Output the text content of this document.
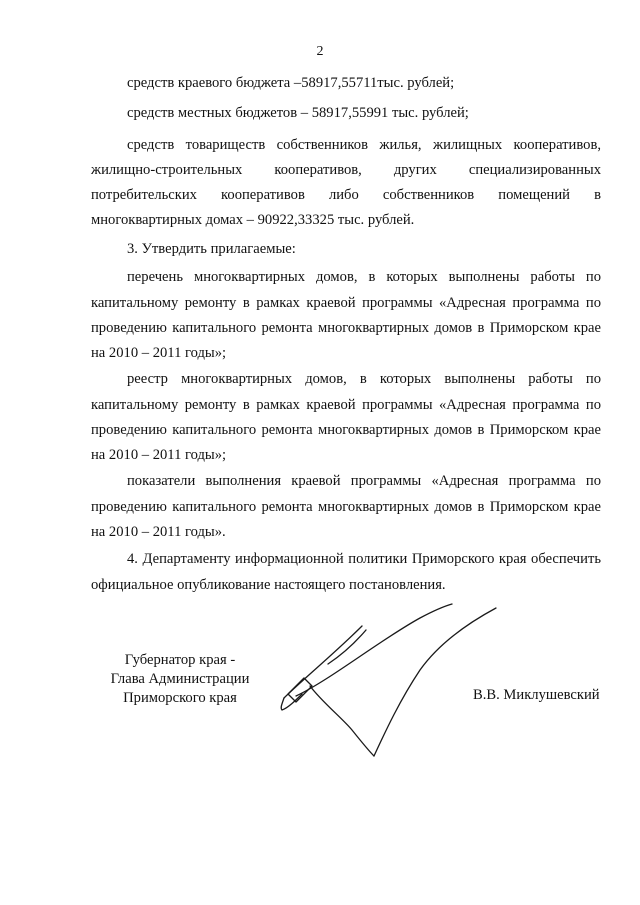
2
средств краевого бюджета –58917,55711тыс. рублей;
средств местных бюджетов – 58917,55991 тыс. рублей;
средств товариществ собственников жилья, жилищных кооперативов,
жилищно-строительных кооперативов, других специализированных
потребительских кооперативов либо собственников помещений в
многоквартирных домах – 90922,33325 тыс. рублей.
3. Утвердить прилагаемые:
перечень многоквартирных домов, в которых выполнены работы по
капитальному ремонту в рамках краевой программы «Адресная программа по
проведению капитального ремонта многоквартирных домов в Приморском крае
на 2010 – 2011 годы»;
реестр многоквартирных домов, в которых выполнены работы по
капитальному ремонту в рамках краевой программы «Адресная программа по
проведению капитального ремонта многоквартирных домов в Приморском крае
на 2010 – 2011 годы»;
показатели выполнения краевой программы «Адресная программа по
проведению капитального ремонта многоквартирных домов в Приморском крае
на 2010 – 2011 годы».
4. Департаменту информационной политики Приморского края обеспечить
официальное опубликование настоящего постановления.
Губернатор края -
Глава Администрации
Приморского края	В.В. Миклушевский
